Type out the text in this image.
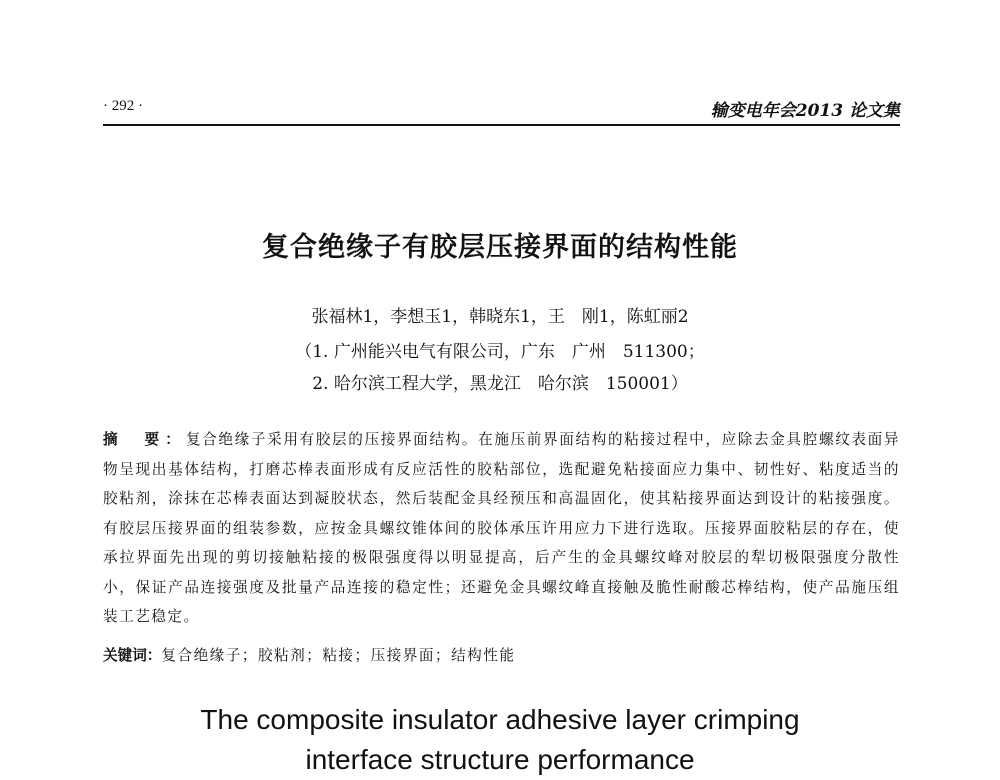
· 292 ·	输变电年会2013 论文集
复合绝缘子有胶层压接界面的结构性能
张福林1，李想玉1，韩晓东1，王　刚1，陈虹丽2
（1. 广州能兴电气有限公司，广东　广州　511300；
2. 哈尔滨工程大学，黑龙江　哈尔滨　150001）
摘　要：复合绝缘子采用有胶层的压接界面结构。在施压前界面结构的粘接过程中，应除去金具腔螺纹表面异物呈现出基体结构，打磨芯棒表面形成有反应活性的胶粘部位，选配避免粘接面应力集中、韧性好、粘度适当的胶粘剂，涂抹在芯棒表面达到凝胶状态，然后装配金具经预压和高温固化，使其粘接界面达到设计的粘接强度。有胶层压接界面的组装参数，应按金具螺纹锥体间的胶体承压许用应力下进行选取。压接界面胶粘层的存在，使承拉界面先出现的剪切接触粘接的极限强度得以明显提高，后产生的金具螺纹峰对胶层的犁切极限强度分散性小，保证产品连接强度及批量产品连接的稳定性；还避免金具螺纹峰直接触及脆性耐酸芯棒结构，使产品施压组装工艺稳定。
关键词：复合绝缘子；胶粘剂；粘接；压接界面；结构性能
The composite insulator adhesive layer crimping
interface structure performance
